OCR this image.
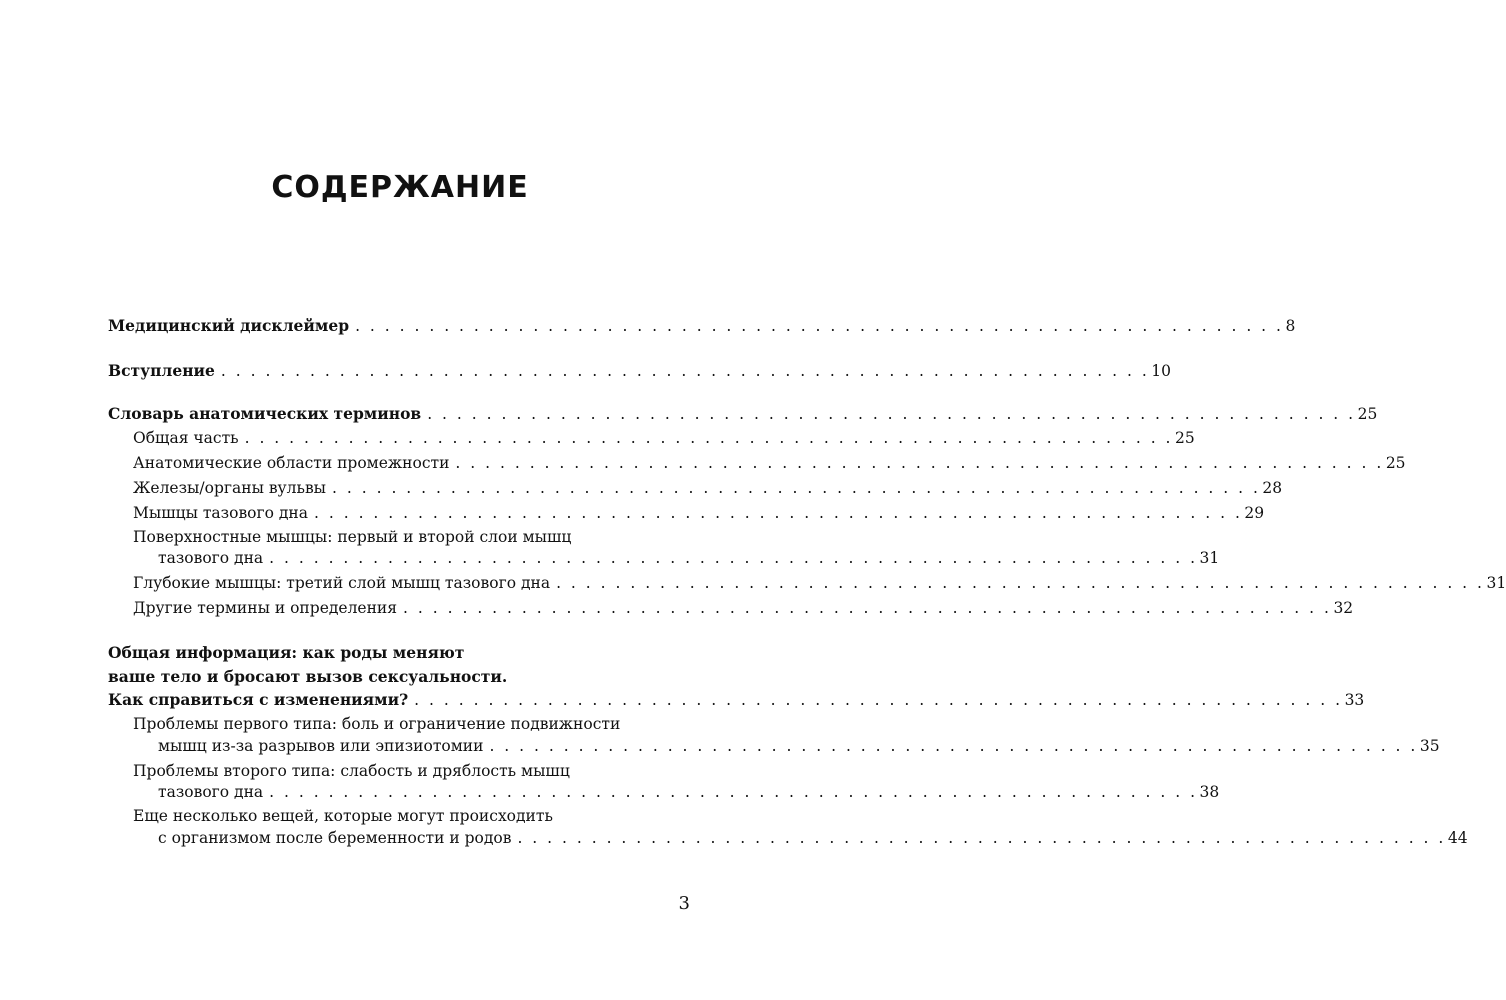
СОДЕРЖАНИЕ
Медицинский дисклеймер . . . . . . . . . . . . . . . . . . . . . . . . . . . . . . . . . . . . . . . . . . . . . . . . . . . . . . . . . . . . . . . 8
Вступление . . . . . . . . . . . . . . . . . . . . . . . . . . . . . . . . . . . . . . . . . . . . . . . . . . . . . . . . . . . . . . . 10
Словарь анатомических терминов . . . . . . . . . . . . . . . . . . . . . . . . . . . . . . . . . . . . . . . . . . . . . . . . . . . . . . . . . . . . . . . 25
Общая часть . . . . . . . . . . . . . . . . . . . . . . . . . . . . . . . . . . . . . . . . . . . . . . . . . . . . . . . . . . . . . . . 25
Анатомические области промежности . . . . . . . . . . . . . . . . . . . . . . . . . . . . . . . . . . . . . . . . . . . . . . . . . . . . . . . . . . . . . . . 25
Железы/органы вульвы . . . . . . . . . . . . . . . . . . . . . . . . . . . . . . . . . . . . . . . . . . . . . . . . . . . . . . . . . . . . . . . 28
Мышцы тазового дна . . . . . . . . . . . . . . . . . . . . . . . . . . . . . . . . . . . . . . . . . . . . . . . . . . . . . . . . . . . . . . . 29
Поверхностные мышцы: первый и второй слои мышц
тазового дна . . . . . . . . . . . . . . . . . . . . . . . . . . . . . . . . . . . . . . . . . . . . . . . . . . . . . . . . . . . . . . . 31
Глубокие мышцы: третий слой мышц тазового дна . . . . . . . . . . . . . . . . . . . . . . . . . . . . . . . . . . . . . . . . . . . . . . . . . . . . . . . . . . . . . . . 31
Другие термины и определения . . . . . . . . . . . . . . . . . . . . . . . . . . . . . . . . . . . . . . . . . . . . . . . . . . . . . . . . . . . . . . . 32
Общая информация: как роды меняют
ваше тело и бросают вызов сексуальности.
Как справиться с изменениями? . . . . . . . . . . . . . . . . . . . . . . . . . . . . . . . . . . . . . . . . . . . . . . . . . . . . . . . . . . . . . . . 33
Проблемы первого типа: боль и ограничение подвижности
мышц из-за разрывов или эпизиотомии . . . . . . . . . . . . . . . . . . . . . . . . . . . . . . . . . . . . . . . . . . . . . . . . . . . . . . . . . . . . . . . 35
Проблемы второго типа: слабость и дряблость мышц
тазового дна . . . . . . . . . . . . . . . . . . . . . . . . . . . . . . . . . . . . . . . . . . . . . . . . . . . . . . . . . . . . . . . 38
Еще несколько вещей, которые могут происходить
с организмом после беременности и родов . . . . . . . . . . . . . . . . . . . . . . . . . . . . . . . . . . . . . . . . . . . . . . . . . . . . . . . . . . . . . . . 44
3
